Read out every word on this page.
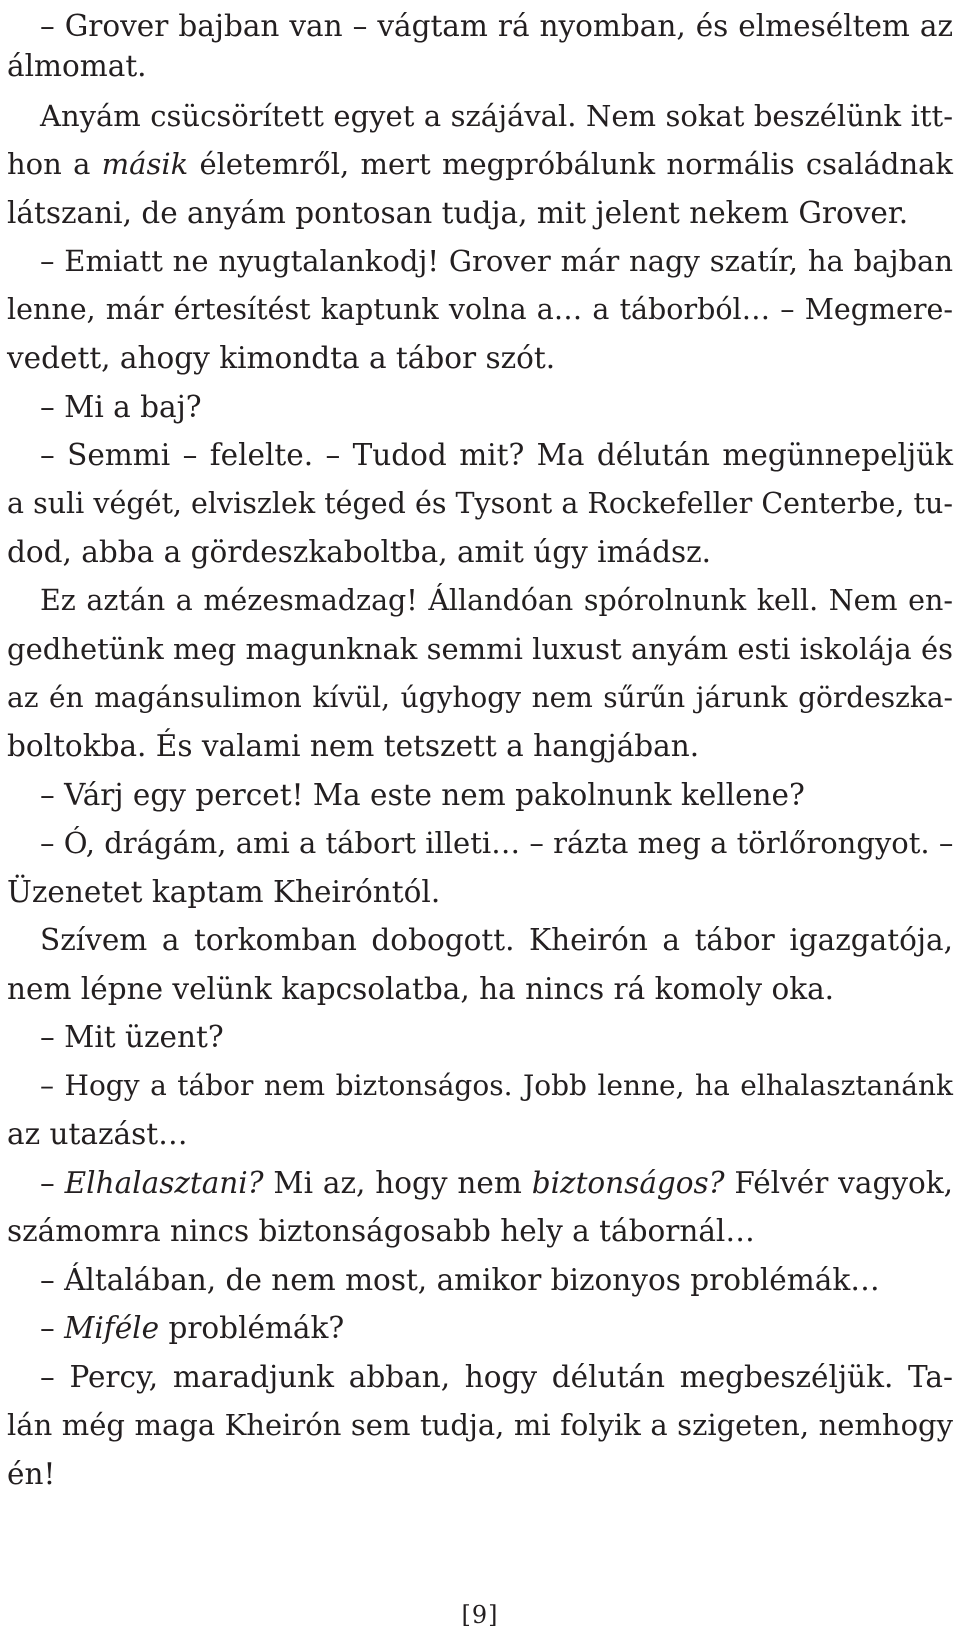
– Grover bajban van – vágtam rá nyomban, és elmeséltem az
álmomat.
Anyám csücsörített egyet a szájával. Nem sokat beszélünk itt-
hon a másik életemről, mert megpróbálunk normális családnak
látszani, de anyám pontosan tudja, mit jelent nekem Grover.
– Emiatt ne nyugtalankodj! Grover már nagy szatír, ha bajban
lenne, már értesítést kaptunk volna a… a táborból… – Megmere-
vedett, ahogy kimondta a tábor szót.
– Mi a baj?
– Semmi – felelte. – Tudod mit? Ma délután megünnepeljük
a suli végét, elviszlek téged és Tysont a Rockefeller Centerbe, tu-
dod, abba a gördeszkaboltba, amit úgy imádsz.
Ez aztán a mézesmadzag! Állandóan spórolnunk kell. Nem en-
gedhetünk meg magunknak semmi luxust anyám esti iskolája és
az én magánsulimon kívül, úgyhogy nem sűrűn járunk gördeszka-
boltokba. És valami nem tetszett a hangjában.
– Várj egy percet! Ma este nem pakolnunk kellene?
– Ó, drágám, ami a tábort illeti… – rázta meg a törlőrongyot. –
Üzenetet kaptam Kheiróntól.
Szívem a torkomban dobogott. Kheirón a tábor igazgatója,
nem lépne velünk kapcsolatba, ha nincs rá komoly oka.
– Mit üzent?
– Hogy a tábor nem biztonságos. Jobb lenne, ha elhalasztanánk
az utazást…
– Elhalasztani? Mi az, hogy nem biztonságos? Félvér vagyok,
számomra nincs biztonságosabb hely a tábornál…
– Általában, de nem most, amikor bizonyos problémák…
– Miféle problémák?
– Percy, maradjunk abban, hogy délután megbeszéljük. Ta-
lán még maga Kheirón sem tudja, mi folyik a szigeten, nemhogy
én!
[9]
